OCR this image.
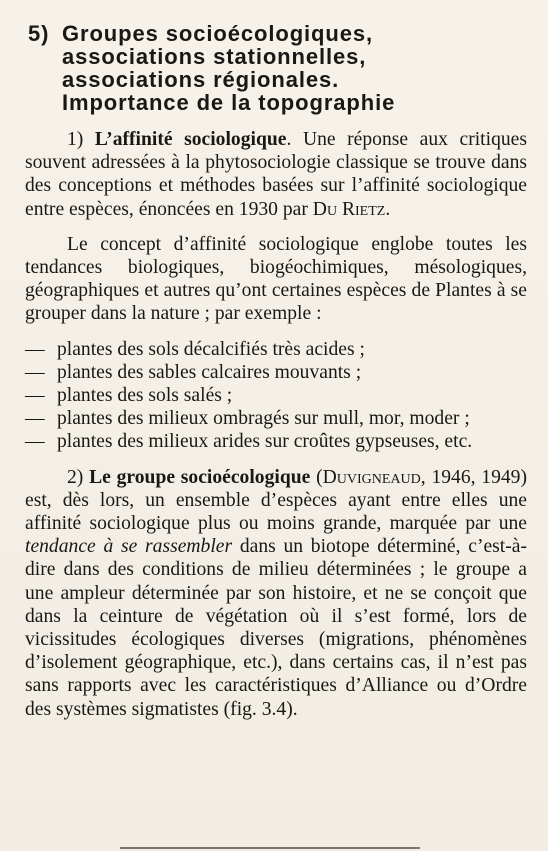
5) Groupes socioécologiques,
associations stationnelles,
associations régionales.
Importance de la topographie

1) L’affinité sociologique. Une réponse aux critiques souvent adressées à la phytosociologie classique se trouve dans des conceptions et méthodes basées sur l’affinité sociologique entre espèces, énoncées en 1930 par Du Rietz.

Le concept d’affinité sociologique englobe toutes les tendances biologiques, biogéochimiques, mésologiques, géographiques et autres qu’ont certaines espèces de Plantes à se grouper dans la nature ; par exemple :

— plantes des sols décalcifiés très acides ;
— plantes des sables calcaires mouvants ;
— plantes des sols salés ;
— plantes des milieux ombragés sur mull, mor, moder ;
— plantes des milieux arides sur croûtes gypseuses, etc.

2) Le groupe socioécologique (Duvigneaud, 1946, 1949) est, dès lors, un ensemble d’espèces ayant entre elles une affinité sociologique plus ou moins grande, marquée par une tendance à se rassembler dans un biotope déterminé, c’est-à-dire dans des conditions de milieu déterminées ; le groupe a une ampleur déterminée par son histoire, et ne se conçoit que dans la ceinture de végétation où il s’est formé, lors de vicissitudes écologiques diverses (migrations, phénomènes d’isolement géographique, etc.), dans certains cas, il n’est pas sans rapports avec les caractéristiques d’Alliance ou d’Ordre des systèmes sigmatistes (fig. 3.4).
